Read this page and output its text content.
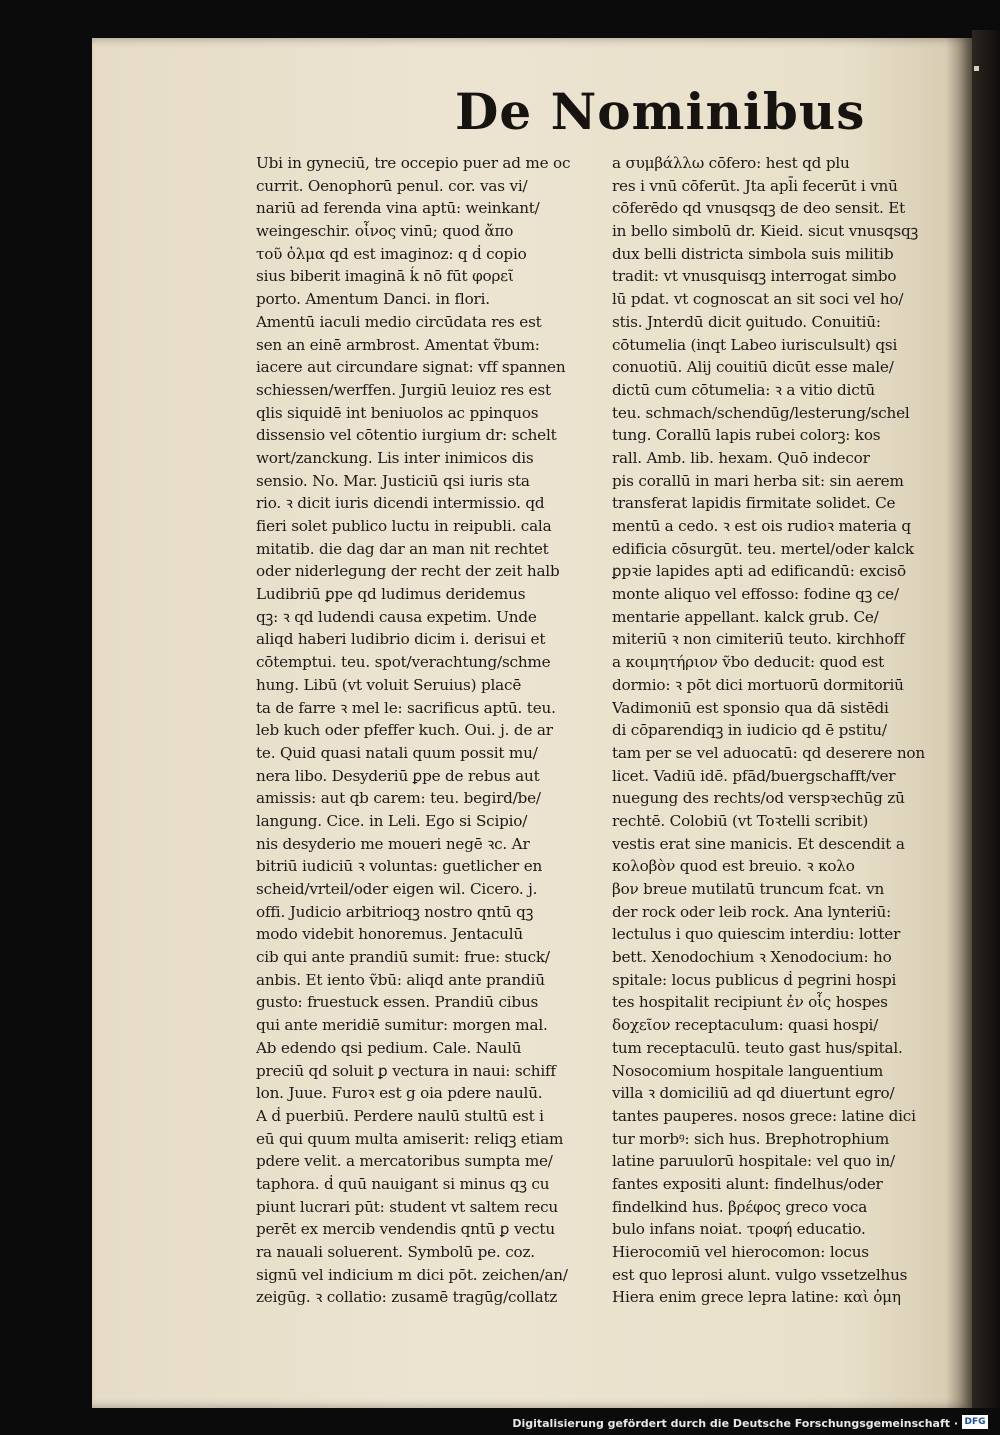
De Nominibus
Ubi in gyneciū, tre occepio puer ad me oc
currit. Oenophorū penul. cor. vas vi/
nariū ad ferenda vina aptū: weinkant/
weingeschir. οἶνος vinū; quod ἄπο
τοῦ ὀλμα qd est imaginoz: q ḋ copio
sius biberit imaginā ḱ nō fūt φορεῖ
porto. Amentum Danci. in flori.
Amentū iaculi medio circūdata res est
sen an einē armbrost. Amentat ṽbum:
iacere aut circundare signat: vff spannen
schiessen/werffen. Jurgiū leuioz res est
qlis siquidē int beniuolos ac ppinquos
dissensio vel cōtentio iurgium dr: schelt
wort/zanckung. Lis inter inimicos dis
sensio. No. Mar. Justiciū qsi iuris sta
rio. ꝛ dicit iuris dicendi intermissio. qd
fieri solet publico luctu in reipubli. cala
mitatib. die dag dar an man nit rechtet
oder niderlegung der recht der zeit halb
Ludibriū ꝑpe qd ludimus deridemus
qꝫ: ꝛ qd ludendi causa expetim. Unde
aliqd haberi ludibrio dicim i. derisui et
cōtemptui. teu. spot/verachtung/schme
hung. Libū (vt voluit Seruius) placē
ta de farre ꝛ mel le: sacrificus aptū. teu.
leb kuch oder pfeffer kuch. Oui. j. de ar
te. Quid quasi natali quum possit mu/
nera libo. Desyderiū ꝑpe de rebus aut
amissis: aut qb carem: teu. begird/be/
langung. Cice. in Leli. Ego si Scipio/
nis desyderio me moueri negē ꝛc. Ar
bitriū iudiciū ꝛ voluntas: guetlicher en
scheid/vrteil/oder eigen wil. Cicero. j.
offi. Judicio arbitrioqꝫ nostro qntū qꝫ
modo videbit honoremus. Jentaculū
cib qui ante prandiū sumit: frue: stuck/
anbis. Et iento ṽbū: aliqd ante prandiū
gusto: fruestuck essen. Prandiū cibus
qui ante meridiē sumitur: morgen mal.
Ab edendo qsi pedium. Cale. Naulū
preciū qd soluit ꝑ vectura in naui: schiff
lon. Juue. Furoꝛ est g oia pdere naulū.
A ḋ puerbiū. Perdere naulū stultū est i
eū qui quum multa amiserit: reliqꝫ etiam
pdere velit. a mercatoribus sumpta me/
taphora. ḋ quū nauigant si minus qꝫ cu
piunt lucrari pūt: student vt saltem recu
perēt ex mercib vendendis qntū ꝑ vectu
ra nauali soluerent. Symbolū pe. coz.
signū vel indicium m dici pōt. zeichen/an/
zeigūg. ꝛ collatio: zusamē tragūg/collatz
a συμβάλλω cōfero: hest qd plu
res i vnū cōferūt. Jta apl̄i fecerūt i vnū
cōferēdo qd vnusqsqꝫ de deo sensit. Et
in bello simbolū dr. Kieid. sicut vnusqsqꝫ
dux belli districta simbola suis militib
tradit: vt vnusquisqꝫ interrogat simbo
lū pdat. vt cognoscat an sit soci vel ho/
stis. Jnterdū dicit ꝯuitudo. Conuitiū:
cōtumelia (inqt Labeo iurisculsult) qsi
conuotiū. Alij couitiū dicūt esse male/
dictū cum cōtumelia: ꝛ a vitio dictū
teu. schmach/schendūg/lesterung/schel
tung. Corallū lapis rubei colorꝫ: kos
rall. Amb. lib. hexam. Quō indecor
pis corallū in mari herba sit: sin aerem
transferat lapidis firmitate solidet. Ce
mentū a cedo. ꝛ est ois rudioꝛ materia q
edificia cōsurgūt. teu. mertel/oder kalck
ꝑpꝛie lapides apti ad edificandū: excisō
monte aliquo vel effosso: fodine qꝫ ce/
mentarie appellant. kalck grub. Ce/
miteriū ꝛ non cimiteriū teuto. kirchhoff
a κοιμητήριον ṽbo deducit: quod est
dormio: ꝛ pōt dici mortuorū dormitoriū
Vadimoniū est sponsio qua dā sistēdi
di cōparendiqꝫ in iudicio qd ē pstitu/
tam per se vel aduocatū: qd deserere non
licet. Vadiū idē. pfād/buergschafft/ver
nuegung des rechts/od verspꝛechūg zū
rechtē. Colobiū (vt Toꝛtelli scribit)
vestis erat sine manicis. Et descendit a
κολοβὸν quod est breuio. ꝛ κολο
βον breue mutilatū truncum fcat. vn
der rock oder leib rock. Ana lynteriū:
lectulus i quo quiescim interdiu: lotter
bett. Xenodochium ꝛ Xenodocium: ho
spitale: locus publicus ḋ pegrini hospi
tes hospitalit recipiunt ἐν οἷς hospes
δοχεῖον receptaculum: quasi hospi/
tum receptaculū. teuto gast hus/spital.
Nosocomium hospitale languentium
villa ꝛ domiciliū ad qd diuertunt egro/
tantes pauperes. nosos grece: latine dici
tur morbꝰ: sich hus. Brephotrophium
latine paruulorū hospitale: vel quo in/
fantes expositi alunt: findelhus/oder
findelkind hus. βρέφος greco voca
bulo infans noiat. τροφή educatio.
Hierocomiū vel hierocomon: locus
est quo leprosi alunt. vulgo vssetzelhus
Hiera enim grece lepra latine: καὶ ὀμη
Digitalisierung gefördert durch die Deutsche Forschungsgemeinschaft · DFG
